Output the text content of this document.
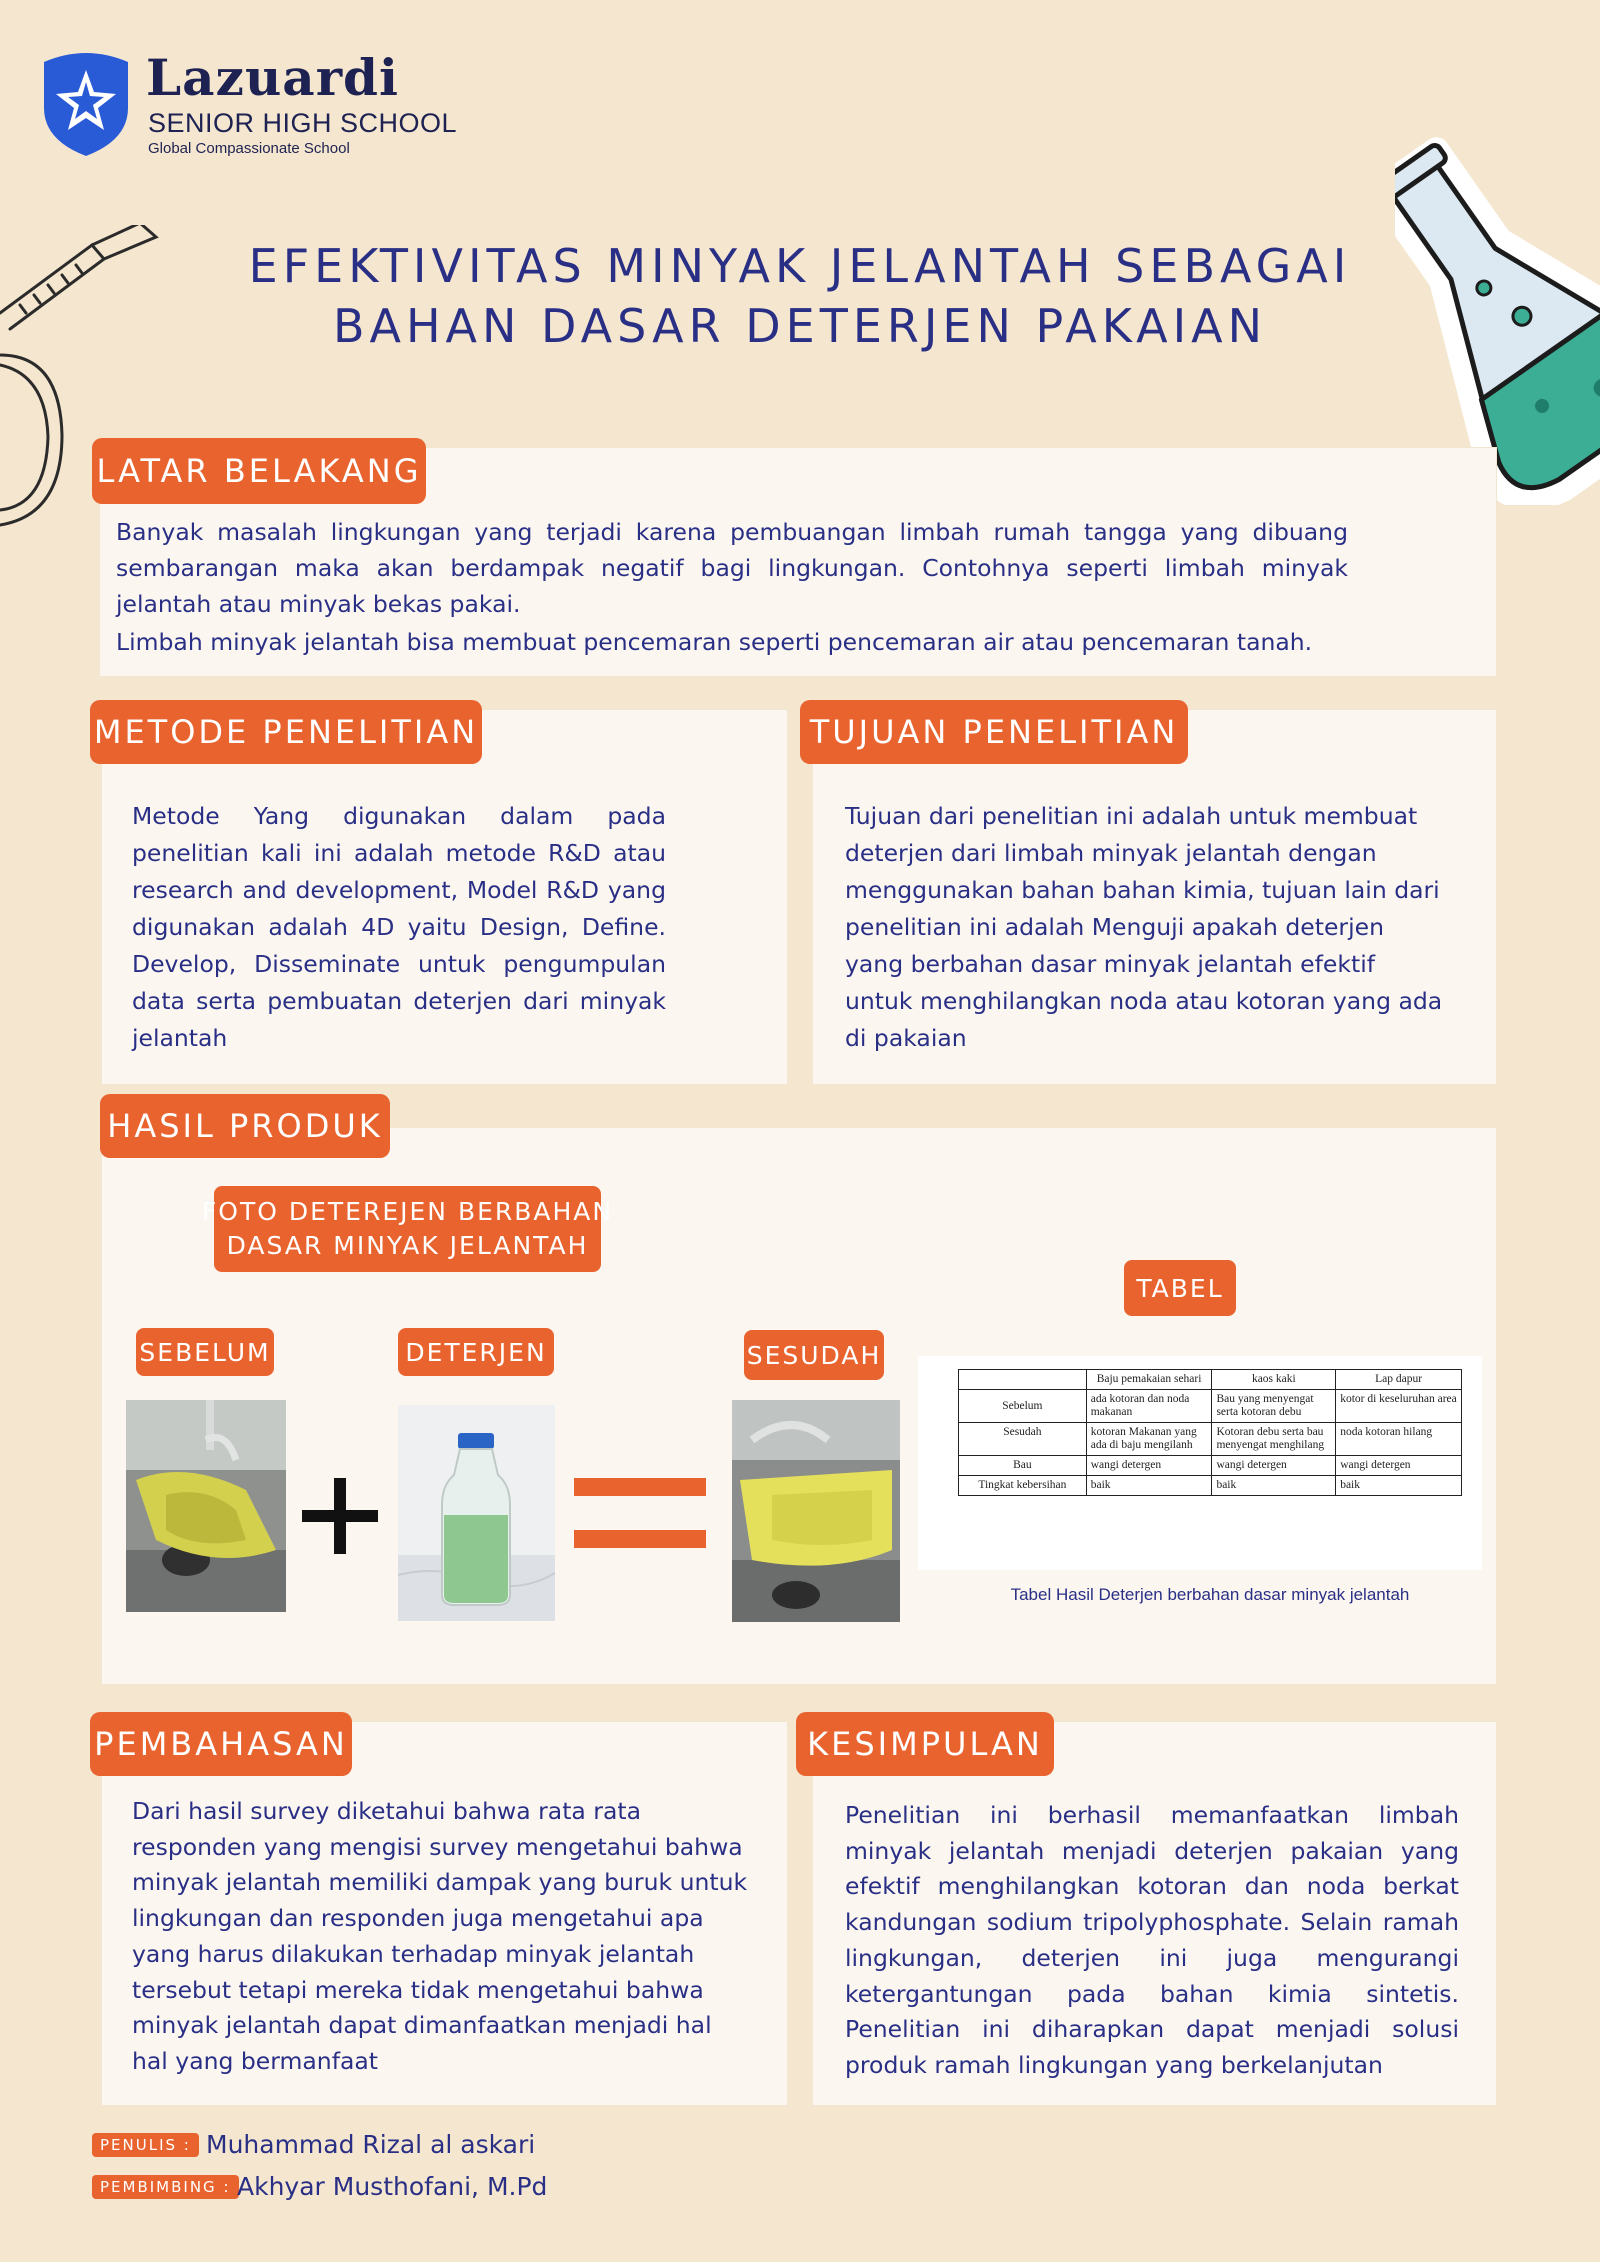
Lazuardi
SENIOR HIGH SCHOOL
Global Compassionate School
EFEKTIVITAS MINYAK JELANTAH SEBAGAI
BAHAN DASAR DETERJEN PAKAIAN

Banyak masalah lingkungan yang terjadi karena pembuangan limbah rumah tangga yang dibuang sembarangan maka akan berdampak negatif bagi lingkungan. Contohnya seperti limbah minyak jelantah atau minyak bekas pakai.

Limbah minyak jelantah bisa membuat pencemaran seperti pencemaran air atau pencemaran tanah.

LATAR BELAKANG

Metode Yang digunakan dalam pada penelitian kali ini adalah metode R&D atau research and development, Model R&D yang digunakan adalah 4D yaitu Design, Define. Develop, Disseminate untuk pengumpulan data serta pembuatan deterjen dari minyak jelantah

METODE PENELITIAN

Tujuan dari penelitian ini adalah untuk membuat deterjen dari limbah minyak jelantah dengan menggunakan bahan bahan kimia, tujuan lain dari penelitian ini adalah Menguji apakah deterjen yang berbahan dasar minyak jelantah efektif untuk menghilangkan noda atau kotoran yang ada di pakaian

TUJUAN PENELITIAN
HASIL PRODUK
FOTO DETEREJEN BERBAHAN
DASAR MINYAK JELANTAH
TABEL
SEBELUM	DETERJEN	SESUDAH
	Baju pemakaian sehari	kaos kaki	Lap dapur
Sebelum	ada kotoran dan noda makanan	Bau yang menyengat serta kotoran debu	kotor di keseluruhan area
Sesudah	kotoran Makanan yang ada di baju mengilanh	Kotoran debu serta bau menyengat menghilang	noda kotoran hilang
Bau	wangi detergen	wangi detergen	wangi detergen
Tingkat kebersihan	baik	baik	baik
Tabel Hasil Deterjen berbahan dasar minyak jelantah

Dari hasil survey diketahui bahwa rata rata responden yang mengisi survey mengetahui bahwa minyak jelantah memiliki dampak yang buruk untuk lingkungan dan responden juga mengetahui apa yang harus dilakukan terhadap minyak jelantah tersebut tetapi mereka tidak mengetahui bahwa minyak jelantah dapat dimanfaatkan menjadi hal hal yang bermanfaat

PEMBAHASAN

Penelitian ini berhasil memanfaatkan limbah minyak jelantah menjadi deterjen pakaian yang efektif menghilangkan kotoran dan noda berkat kandungan sodium tripolyphosphate. Selain ramah lingkungan, deterjen ini juga mengurangi ketergantungan pada bahan kimia sintetis. Penelitian ini diharapkan dapat menjadi solusi produk ramah lingkungan yang berkelanjutan

KESIMPULAN
PENULIS : Muhammad Rizal al askari
PEMBIMBING : Akhyar Musthofani, M.Pd
